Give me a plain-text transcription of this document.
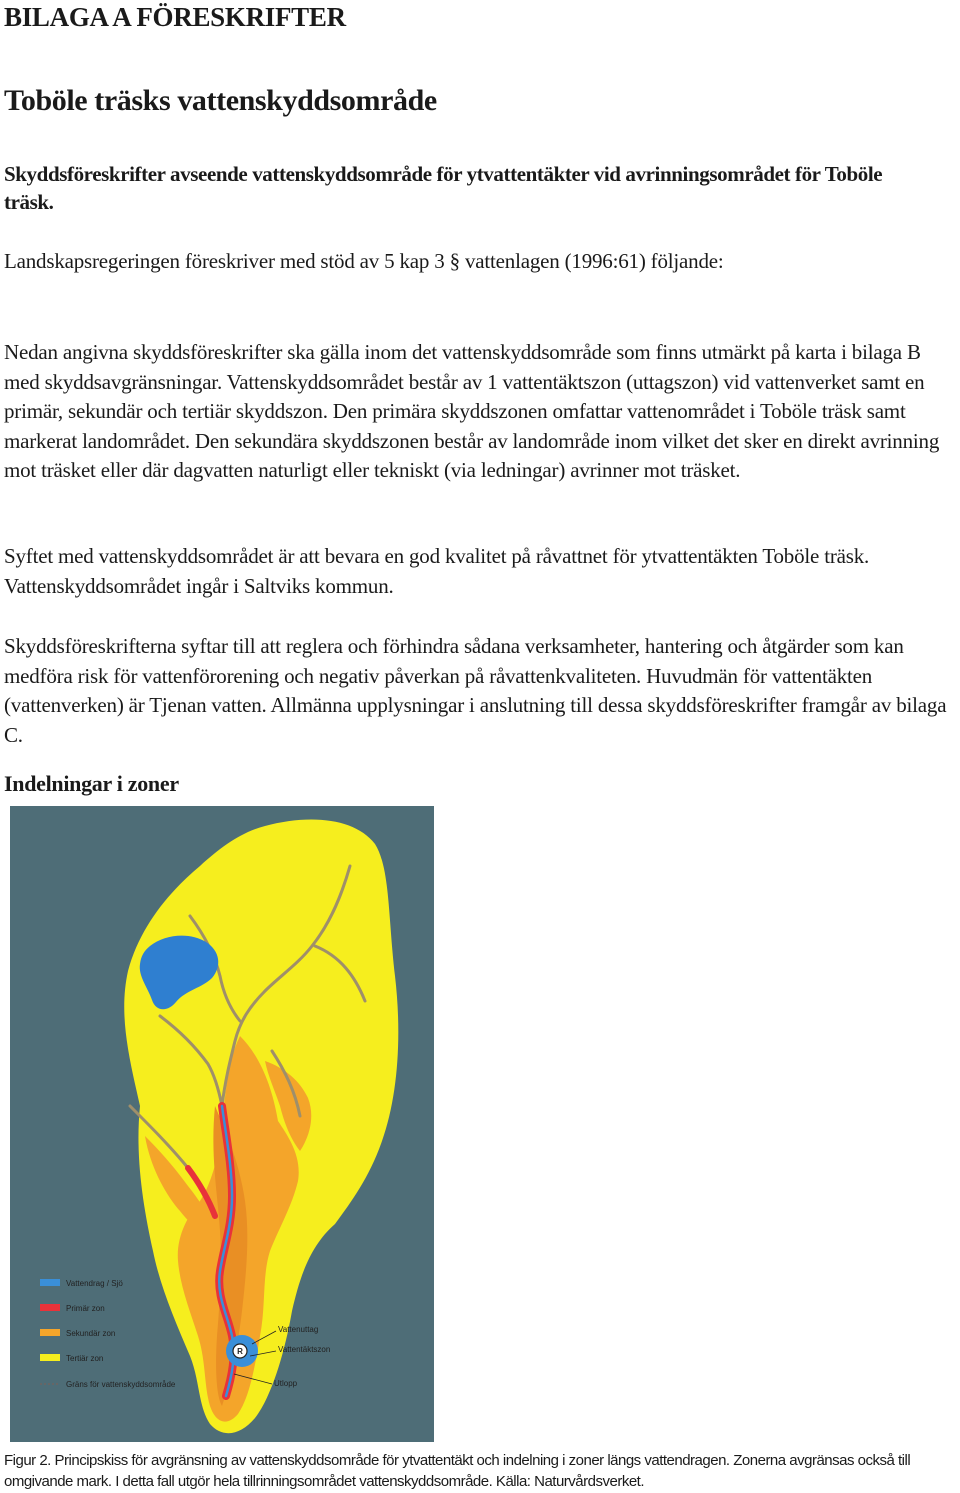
BILAGA A FÖRESKRIFTER
Toböle träsks vattenskyddsområde

Skyddsföreskrifter avseende vattenskyddsområde för ytvattentäkter vid avrinningsområdet för Toböle träsk.

Landskapsregeringen föreskriver med stöd av 5 kap 3 § vattenlagen (1996:61) följande:

Nedan angivna skyddsföreskrifter ska gälla inom det vattenskyddsområde som finns utmärkt på karta i bilaga B med skyddsavgränsningar. Vattenskyddsområdet består av 1 vattentäktszon (uttagszon) vid vattenverket samt en primär, sekundär och tertiär skyddszon. Den primära skyddszonen omfattar vattenområdet i Toböle träsk samt markerat landområdet. Den sekundära skyddszonen består av landområde inom vilket det sker en direkt avrinning mot träsket eller där dagvatten naturligt eller tekniskt (via ledningar) avrinner mot träsket.

Syftet med vattenskyddsområdet är att bevara en god kvalitet på råvattnet för ytvattentäkten Toböle träsk. Vattenskyddsområdet ingår i Saltviks kommun.

Skyddsföreskrifterna syftar till att reglera och förhindra sådana verksamheter, hantering och åtgärder som kan medföra risk för vattenförorening och negativ påverkan på råvattenkvaliteten. Huvudmän för vattentäkten (vattenverken) är Tjenan vatten. Allmänna upplysningar i anslutning till dessa skyddsföreskrifter framgår av bilaga C.

Indelningar i zoner
R
Vattenuttag
Vattentäktszon
Utlopp
Vattendrag / Sjö
Primär zon
Sekundär zon
Tertiär zon
Gräns för vattenskyddsområde

Figur 2. Principskiss för avgränsning av vattenskyddsområde för ytvattentäkt och indelning i zoner längs vattendragen. Zonerna avgränsas också till omgivande mark. I detta fall utgör hela tillrinningsområdet vattenskyddsområde. Källa: Naturvårdsverket.
